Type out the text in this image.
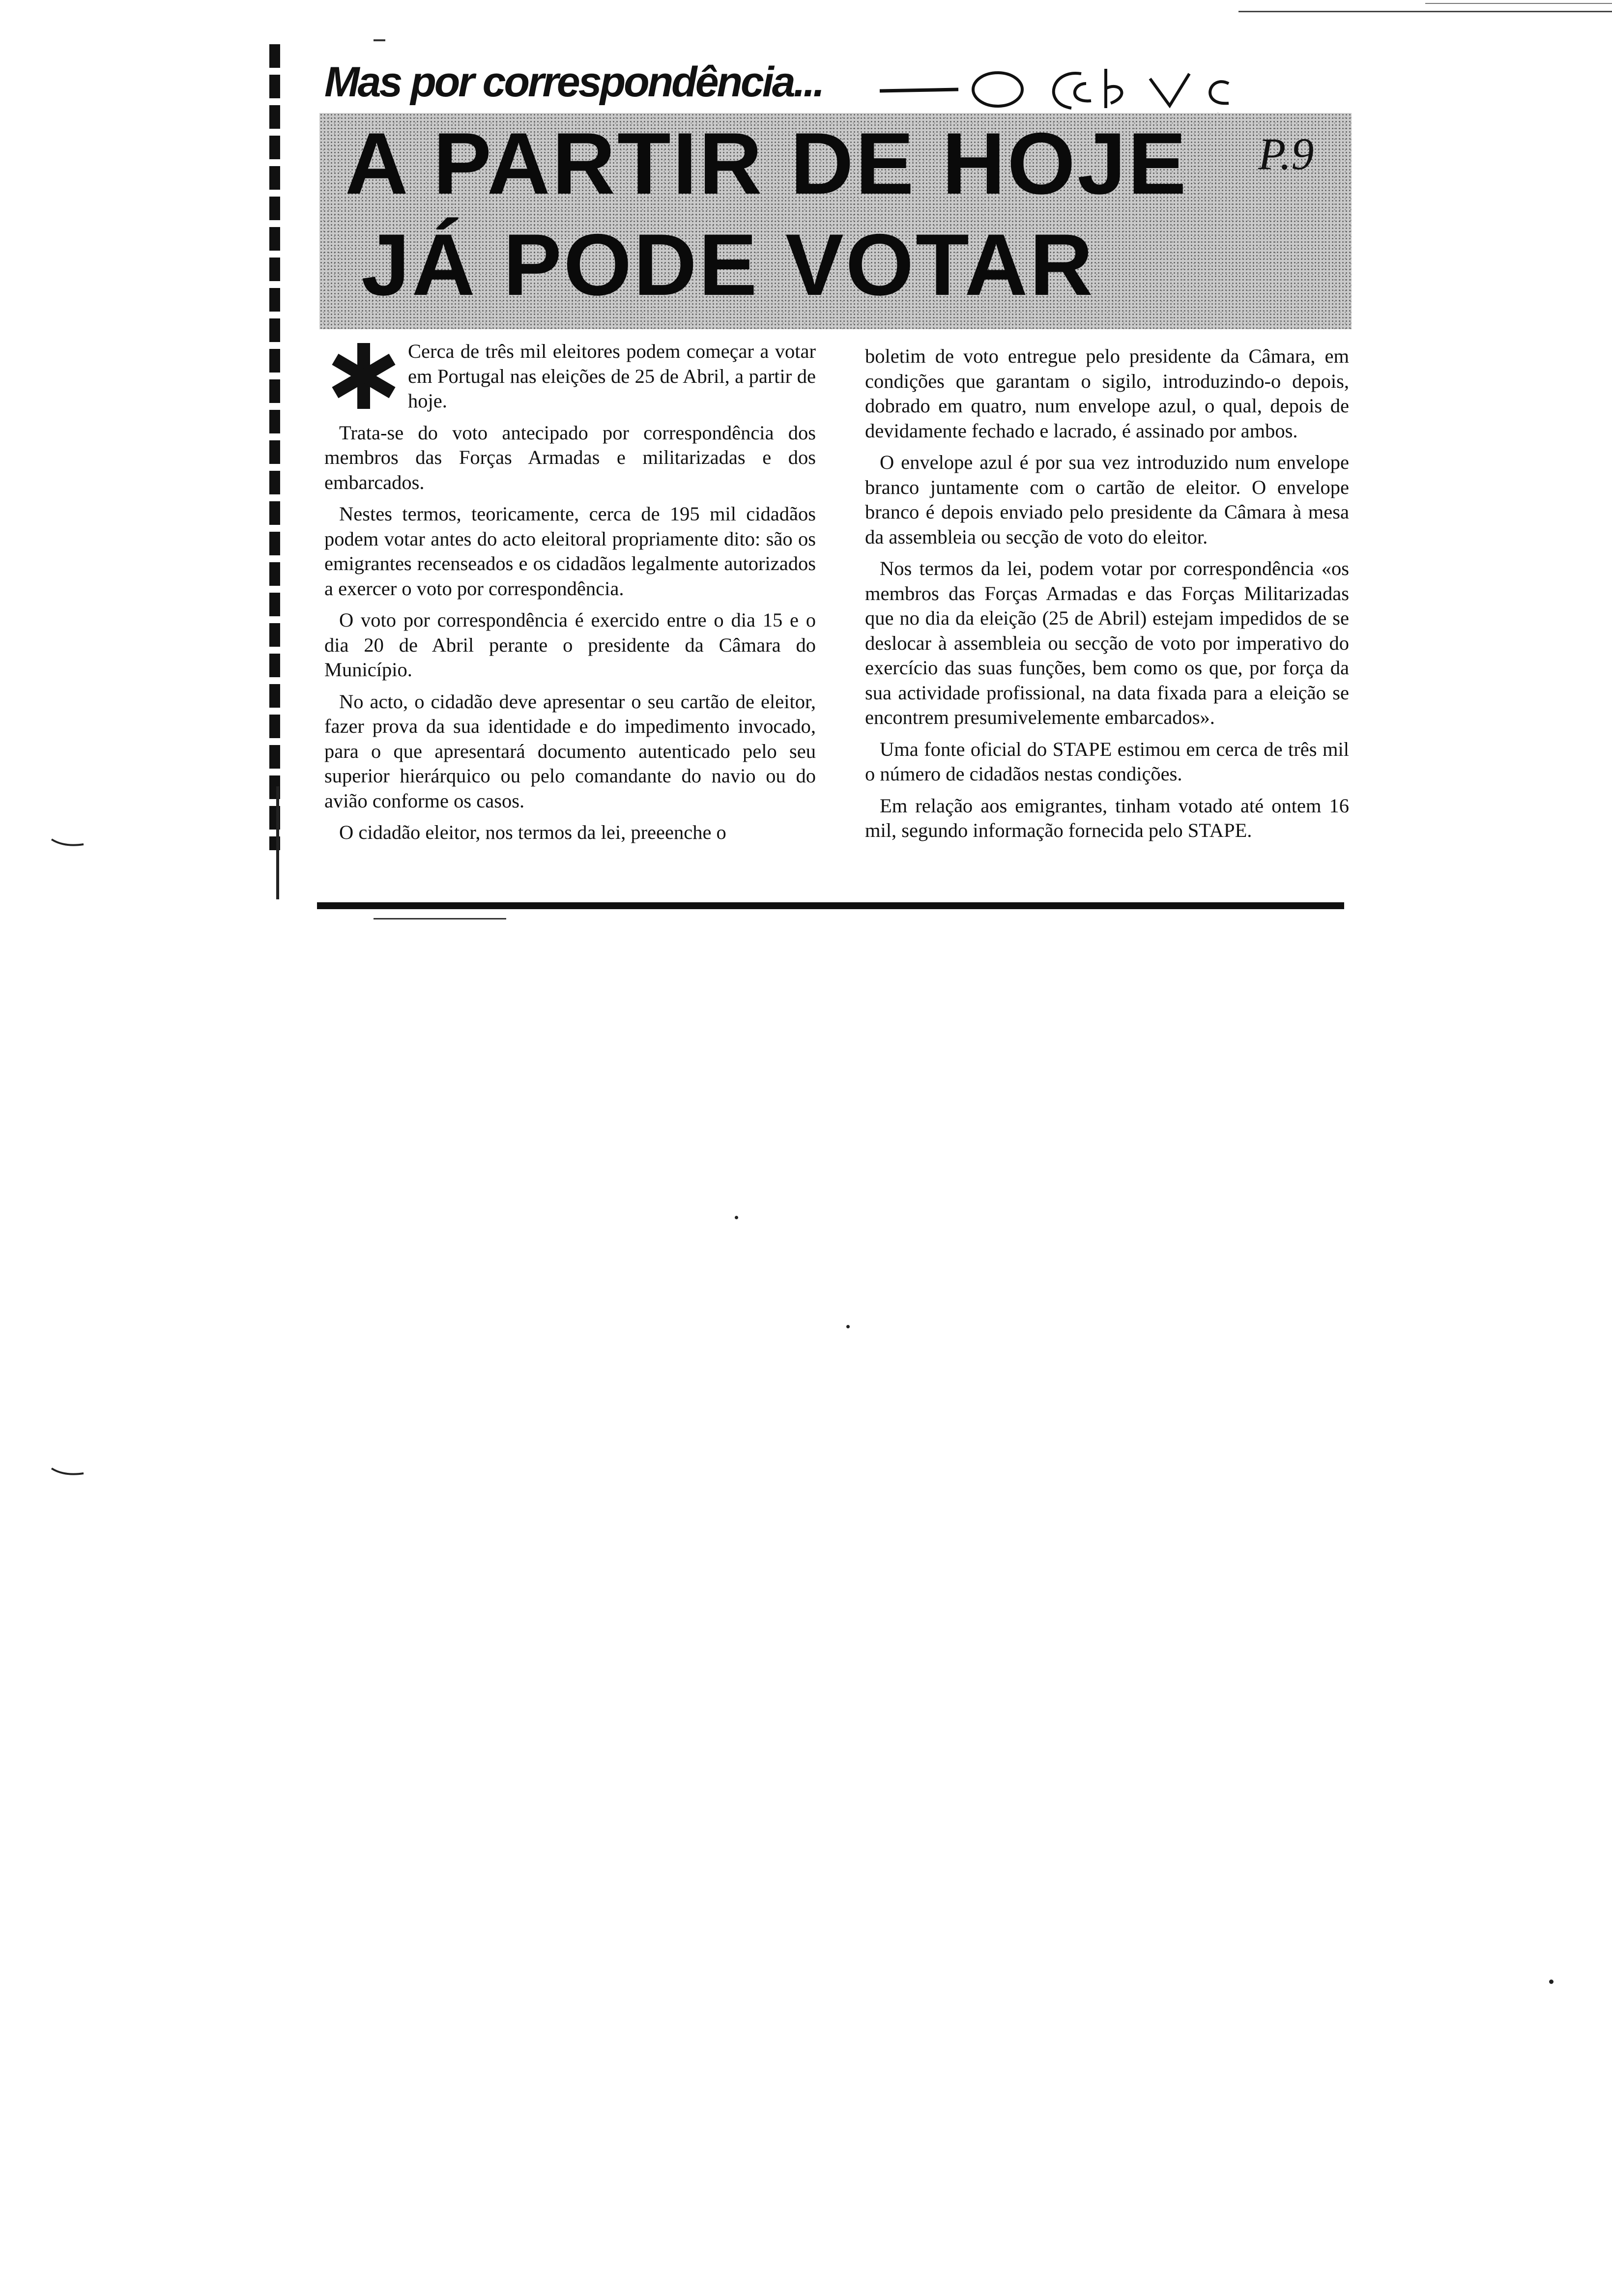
Mas por correspondência...
A PARTIR DE HOJE
JÁ PODE VOTAR
P.9

Cerca de três mil eleitores podem começar a votar em Portugal nas eleições de 25 de Abril, a partir de hoje.

Trata-se do voto antecipado por correspondência dos membros das Forças Armadas e militarizadas e dos embarcados.

Nestes termos, teoricamente, cerca de 195 mil cidadãos podem votar antes do acto eleitoral propriamente dito: são os emigrantes recenseados e os cidadãos legalmente autorizados a exercer o voto por correspondência.

O voto por correspondência é exercido entre o dia 15 e o dia 20 de Abril perante o presidente da Câmara do Município.

No acto, o cidadão deve apresentar o seu cartão de eleitor, fazer prova da sua identidade e do impedimento invocado, para o que apresentará documento autenticado pelo seu superior hierárquico ou pelo comandante do navio ou do avião conforme os casos.

O cidadão eleitor, nos termos da lei, preeenche o

boletim de voto entregue pelo presidente da Câmara, em condições que garantam o sigilo, introduzindo-o depois, dobrado em quatro, num envelope azul, o qual, depois de devidamente fechado e lacrado, é assinado por ambos.

O envelope azul é por sua vez introduzido num envelope branco juntamente com o cartão de eleitor. O envelope branco é depois enviado pelo presidente da Câmara à mesa da assembleia ou secção de voto do eleitor.

Nos termos da lei, podem votar por correspondência «os membros das Forças Armadas e das Forças Militarizadas que no dia da eleição (25 de Abril) estejam impedidos de se deslocar à assembleia ou secção de voto por imperativo do exercício das suas funções, bem como os que, por força da sua actividade profissional, na data fixada para a eleição se encontrem presumivelemente embarcados».

Uma fonte oficial do STAPE estimou em cerca de três mil o número de cidadãos nestas condições.

Em relação aos emigrantes, tinham votado até ontem 16 mil, segundo informação fornecida pelo STAPE.
